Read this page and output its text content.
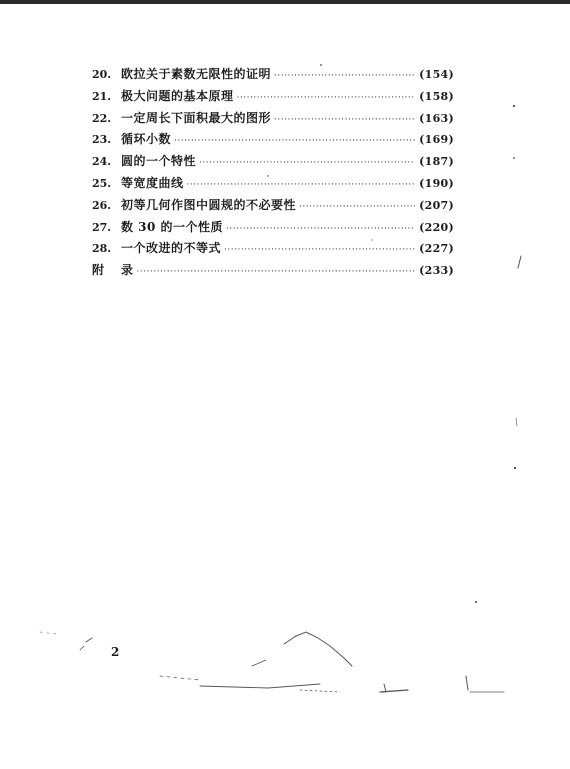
20. 欧拉关于素数无限性的证明 ·····	(154)
21. 极大问题的基本原理 ·····	(158)
22. 一定周长下面积最大的图形 ·····	(163)
23. 循环小数 ·····	(169)
24. 圆的一个特性 ·····	(187)
25. 等宽度曲线 ·····	(190)
26. 初等几何作图中圆规的不必要性 ·····	(207)
27. 数 30 的一个性质 ·····	(220)
28. 一个改进的不等式 ·····	(227)
附	录 ·····	(233)
2
